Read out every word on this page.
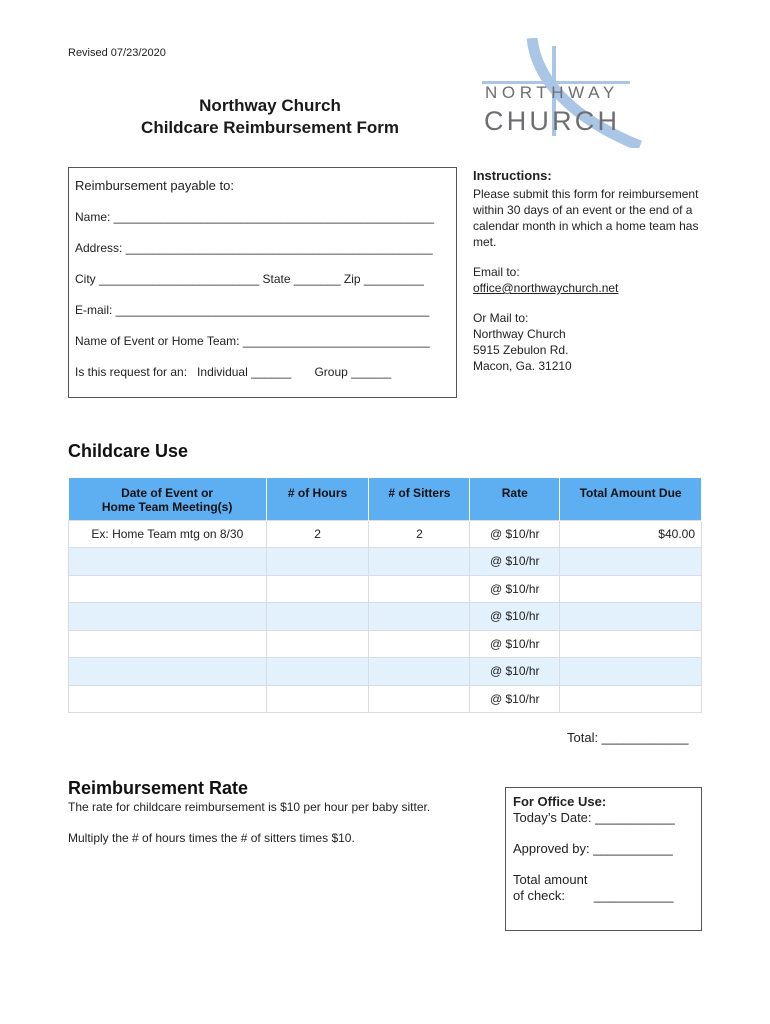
Revised 07/23/2020
Northway Church
Childcare Reimbursement Form
NORTHWAY
CHURCH
Reimbursement payable to:
Name: ________________________________________________
Address: ______________________________________________
City ________________________ State _______ Zip _________
E-mail: _______________________________________________
Name of Event or Home Team: ____________________________
Is this request for an:   Individual ______       Group ______
Instructions:

Please submit this form for reimbursement within 30 days of an event or the end of a calendar month in which a home team has met.

Email to:

office@northwaychurch.net

Or Mail to:
Northway Church
5915 Zebulon Rd.
Macon, Ga. 31210
Childcare Use
Date of Event or
Home Team Meeting(s)	# of Hours	# of Sitters	Rate	Total Amount Due
Ex: Home Team mtg on 8/30	2	2	@ $10/hr	$40.00
			@ $10/hr	
			@ $10/hr	
			@ $10/hr	
			@ $10/hr	
			@ $10/hr	
			@ $10/hr	
Total: ____________
Reimbursement Rate
The rate for childcare reimbursement is $10 per hour per baby sitter.
Multiply the # of hours times the # of sitters times $10.
For Office Use:
Today’s Date: ___________
Approved by: ___________
Total amount
of check:        ___________
